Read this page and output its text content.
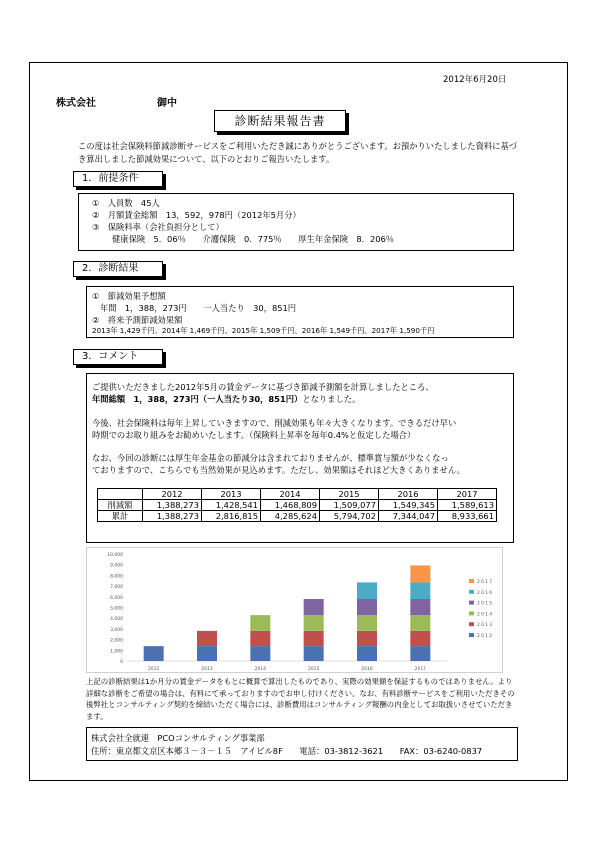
2012年6月20日
株式会社	御中
診断結果報告書
この度は社会保険料節減診断サービスをご利用いただき誠にありがとうございます。お預かりいたしました資料に基づき算出しました節減効果について、以下のとおりご報告いたします。
1．前提条件
①　人員数　45人
②　月額賃金総額　13，592，978円（2012年5月分）
③　保険料率（会社負担分として）
健康保険　5．06％　　介護保険　0．775％　　厚生年金保険　8．206％
2．診断結果
①　節減効果予想額
年間　1，388，273円　　一人当たり　30，851円
②　将来予測節減効果額
2013年 1,429千円、2014年 1,469千円、2015年 1,509千円、2016年 1,549千円、2017年 1,590千円
3．コメント
ご提供いただきました2012年5月の賃金データに基づき節減予測額を計算しましたところ、
年間総額　1，388，273円（一人当たり30，851円）となりました。
今後、社会保険料は毎年上昇していきますので、削減効果も年々大きくなります。できるだけ早い
時期でのお取り組みをお勧めいたします。（保険料上昇率を毎年0.4%と仮定した場合）
なお、今回の診断には厚生年金基金の節減分は含まれておりませんが、標準賞与額が少なくなっ
ておりますので、こちらでも当然効果が見込めます。ただし、効果額はそれほど大きくありません。
	2012	2013	2014	2015	2016	2017
削減額	1,388,273	1,428,541	1,468,809	1,509,077	1,549,345	1,589,613
累計	1,388,273	2,816,815	4,285,624	5,794,702	7,344,047	8,933,661
10,000
9,000
8,000
7,000
6,000
5,000
4,000
3,000
2,000
1,000
0
2012	2013	2014	2015	2016	2017
2017
2016
2015
2014
2013
2012
上記の診断結果は1か月分の賃金データをもとに概算で算出したものであり、実際の効果額を保証するものではありません。より詳細な診断をご希望の場合は、有料にて承っておりますのでお申し付けください。なお、有料診断サービスをご利用いただきその後弊社とコンサルティング契約を締結いただく場合には、診断費用はコンサルティング報酬の内金としてお取扱いさせていただきます。
株式会社全就連　PCOコンサルティング事業部
住所：東京都文京区本郷３－３－１５　アイビル8F　　電話：03-3812-3621　　FAX：03-6240-0837
